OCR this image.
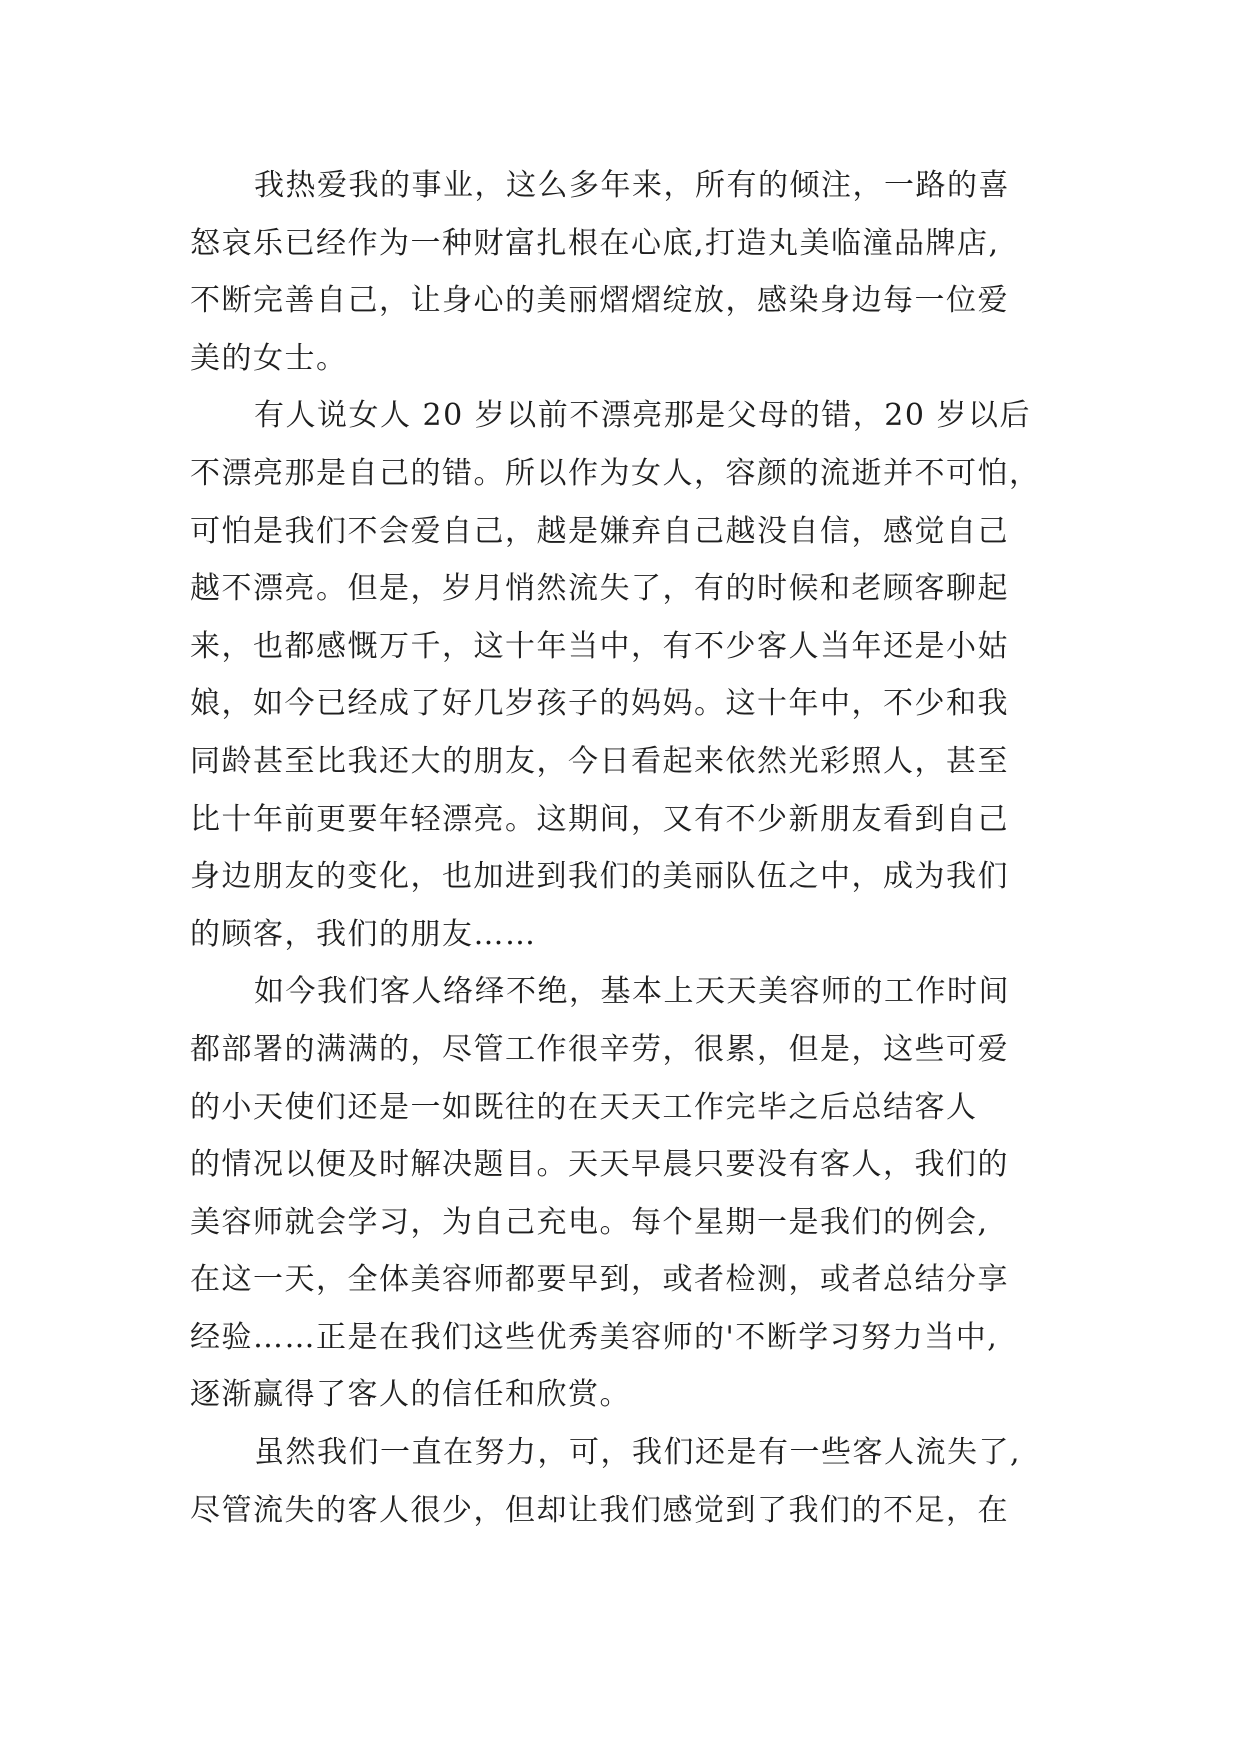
我热爱我的事业，这么多年来，所有的倾注，一路的喜
怒哀乐已经作为一种财富扎根在心底,打造丸美临潼品牌店,
不断完善自己，让身心的美丽熠熠绽放，感染身边每一位爱
美的女士。
有人说女人 20 岁以前不漂亮那是父母的错，20 岁以后
不漂亮那是自己的错。所以作为女人，容颜的流逝并不可怕，
可怕是我们不会爱自己，越是嫌弃自己越没自信，感觉自己
越不漂亮。但是，岁月悄然流失了，有的时候和老顾客聊起
来，也都感慨万千，这十年当中，有不少客人当年还是小姑
娘，如今已经成了好几岁孩子的妈妈。这十年中，不少和我
同龄甚至比我还大的朋友，今日看起来依然光彩照人，甚至
比十年前更要年轻漂亮。这期间，又有不少新朋友看到自己
身边朋友的变化，也加进到我们的美丽队伍之中，成为我们
的顾客，我们的朋友……
如今我们客人络绎不绝，基本上天天美容师的工作时间
都部署的满满的，尽管工作很辛劳，很累，但是，这些可爱
的小天使们还是一如既往的在天天工作完毕之后总结客人
的情况以便及时解决题目。天天早晨只要没有客人，我们的
美容师就会学习，为自己充电。每个星期一是我们的例会,
在这一天，全体美容师都要早到，或者检测，或者总结分享
经验……正是在我们这些优秀美容师的'不断学习努力当中,
逐渐赢得了客人的信任和欣赏。
虽然我们一直在努力，可，我们还是有一些客人流失了,
尽管流失的客人很少，但却让我们感觉到了我们的不足，在
